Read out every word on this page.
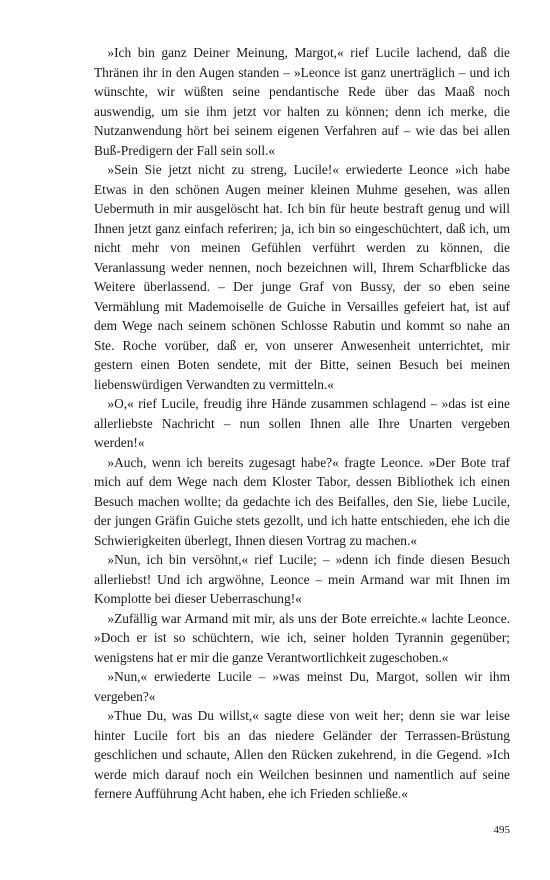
»Ich bin ganz Deiner Meinung, Margot,« rief Lucile lachend, daß die Thränen ihr in den Augen standen – »Leonce ist ganz unerträglich – und ich wünschte, wir wüßten seine pendantische Rede über das Maaß noch auswendig, um sie ihm jetzt vor halten zu können; denn ich merke, die Nutzanwendung hört bei seinem eigenen Verfahren auf – wie das bei allen Buß-Predigern der Fall sein soll.«

»Sein Sie jetzt nicht zu streng, Lucile!« erwiederte Leonce »ich habe Etwas in den schönen Augen meiner kleinen Muhme gesehen, was allen Uebermuth in mir ausgelöscht hat. Ich bin für heute bestraft genug und will Ihnen jetzt ganz einfach referiren; ja, ich bin so eingeschüchtert, daß ich, um nicht mehr von meinen Gefühlen verführt werden zu können, die Veranlassung weder nennen, noch bezeichnen will, Ihrem Scharfblicke das Weitere überlassend. – Der junge Graf von Bussy, der so eben seine Vermählung mit Mademoiselle de Guiche in Versailles gefeiert hat, ist auf dem Wege nach seinem schönen Schlosse Rabutin und kommt so nahe an Ste. Roche vorüber, daß er, von unserer Anwesenheit unterrichtet, mir gestern einen Boten sendete, mit der Bitte, seinen Besuch bei meinen liebenswürdigen Verwandten zu vermitteln.«

»O,« rief Lucile, freudig ihre Hände zusammen schlagend – »das ist eine allerliebste Nachricht – nun sollen Ihnen alle Ihre Unarten vergeben werden!«

»Auch, wenn ich bereits zugesagt habe?« fragte Leonce. »Der Bote traf mich auf dem Wege nach dem Kloster Tabor, dessen Bibliothek ich einen Besuch machen wollte; da gedachte ich des Beifalles, den Sie, liebe Lucile, der jungen Gräfin Guiche stets gezollt, und ich hatte entschieden, ehe ich die Schwierigkeiten überlegt, Ihnen diesen Vortrag zu machen.«

»Nun, ich bin versöhnt,« rief Lucile; – »denn ich finde diesen Besuch allerliebst! Und ich argwöhne, Leonce – mein Armand war mit Ihnen im Komplotte bei dieser Ueberraschung!«

»Zufällig war Armand mit mir, als uns der Bote erreichte.« lachte Leonce. »Doch er ist so schüchtern, wie ich, seiner holden Tyrannin gegenüber; wenigstens hat er mir die ganze Verantwortlichkeit zugeschoben.«

»Nun,« erwiederte Lucile – »was meinst Du, Margot, sollen wir ihm vergeben?«

»Thue Du, was Du willst,« sagte diese von weit her; denn sie war leise hinter Lucile fort bis an das niedere Geländer der Terrassen-Brüstung geschlichen und schaute, Allen den Rücken zukehrend, in die Gegend. »Ich werde mich darauf noch ein Weilchen besinnen und namentlich auf seine fernere Aufführung Acht haben, ehe ich Frieden schließe.«

495
